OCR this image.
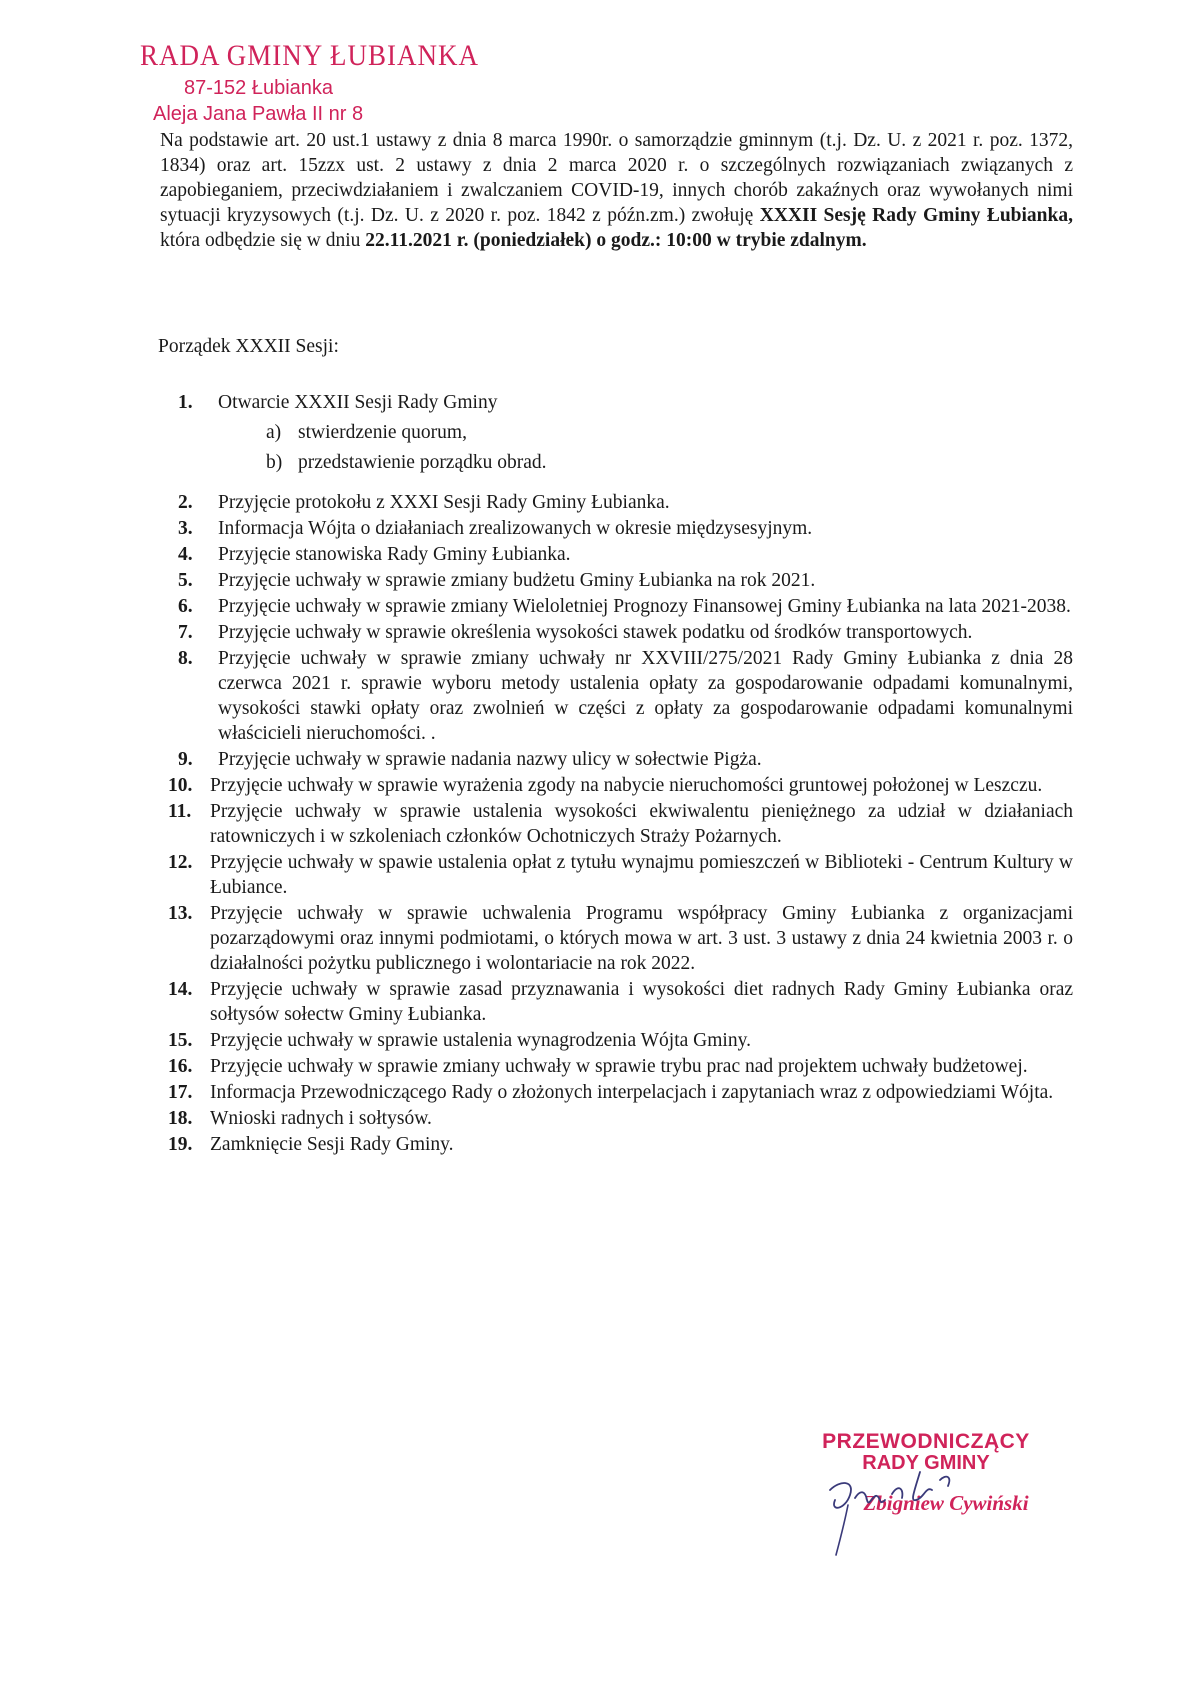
RADA GMINY ŁUBIANKA
87-152 Łubianka
Aleja Jana Pawła II nr 8
Na podstawie art. 20 ust.1 ustawy z dnia 8 marca 1990r. o samorządzie gminnym (t.j. Dz. U. z 2021 r. poz. 1372, 1834) oraz art. 15zzx ust. 2 ustawy z dnia 2 marca 2020 r. o szczególnych rozwiązaniach związanych z zapobieganiem, przeciwdziałaniem i zwalczaniem COVID-19, innych chorób zakaźnych oraz wywołanych nimi sytuacji kryzysowych (t.j. Dz. U. z 2020 r. poz. 1842 z późn.zm.) zwołuję XXXII Sesję Rady Gminy Łubianka, która odbędzie się w dniu 22.11.2021 r. (poniedziałek) o godz.: 10:00 w trybie zdalnym.
Porządek XXXII Sesji:
1. Otwarcie XXXII Sesji Rady Gminy
a) stwierdzenie quorum,
b) przedstawienie porządku obrad.
2. Przyjęcie protokołu z XXXI Sesji Rady Gminy Łubianka.
3. Informacja Wójta o działaniach zrealizowanych w okresie międzysesyjnym.
4. Przyjęcie stanowiska Rady Gminy Łubianka.
5. Przyjęcie uchwały w sprawie zmiany budżetu Gminy Łubianka na rok 2021.
6. Przyjęcie uchwały w sprawie zmiany Wieloletniej Prognozy Finansowej Gminy Łubianka na lata 2021-2038.
7. Przyjęcie uchwały w sprawie określenia wysokości stawek podatku od środków transportowych.
8. Przyjęcie uchwały w sprawie zmiany uchwały nr XXVIII/275/2021 Rady Gminy Łubianka z dnia 28 czerwca 2021 r. sprawie wyboru metody ustalenia opłaty za gospodarowanie odpadami komunalnymi, wysokości stawki opłaty oraz zwolnień w części z opłaty za gospodarowanie odpadami komunalnymi właścicieli nieruchomości. .
9. Przyjęcie uchwały w sprawie nadania nazwy ulicy w sołectwie Pigża.
10. Przyjęcie uchwały w sprawie wyrażenia zgody na nabycie nieruchomości gruntowej położonej w Leszczu.
11. Przyjęcie uchwały w sprawie ustalenia wysokości ekwiwalentu pieniężnego za udział w działaniach ratowniczych i w szkoleniach członków Ochotniczych Straży Pożarnych.
12. Przyjęcie uchwały w spawie ustalenia opłat z tytułu wynajmu pomieszczeń w Biblioteki - Centrum Kultury w Łubiance.
13. Przyjęcie uchwały w sprawie uchwalenia Programu współpracy Gminy Łubianka z organizacjami pozarządowymi oraz innymi podmiotami, o których mowa w art. 3 ust. 3 ustawy z dnia 24 kwietnia 2003 r. o działalności pożytku publicznego i wolontariacie na rok 2022.
14. Przyjęcie uchwały w sprawie zasad przyznawania i wysokości diet radnych Rady Gminy Łubianka oraz sołtysów sołectw Gminy Łubianka.
15. Przyjęcie uchwały w sprawie ustalenia wynagrodzenia Wójta Gminy.
16. Przyjęcie uchwały w sprawie zmiany uchwały w sprawie trybu prac nad projektem uchwały budżetowej.
17. Informacja Przewodniczącego Rady o złożonych interpelacjach i zapytaniach wraz z odpowiedziami Wójta.
18. Wnioski radnych i sołtysów.
19. Zamknięcie Sesji Rady Gminy.
PRZEWODNICZĄCY
RADY GMINY
Zbigniew Cywiński
